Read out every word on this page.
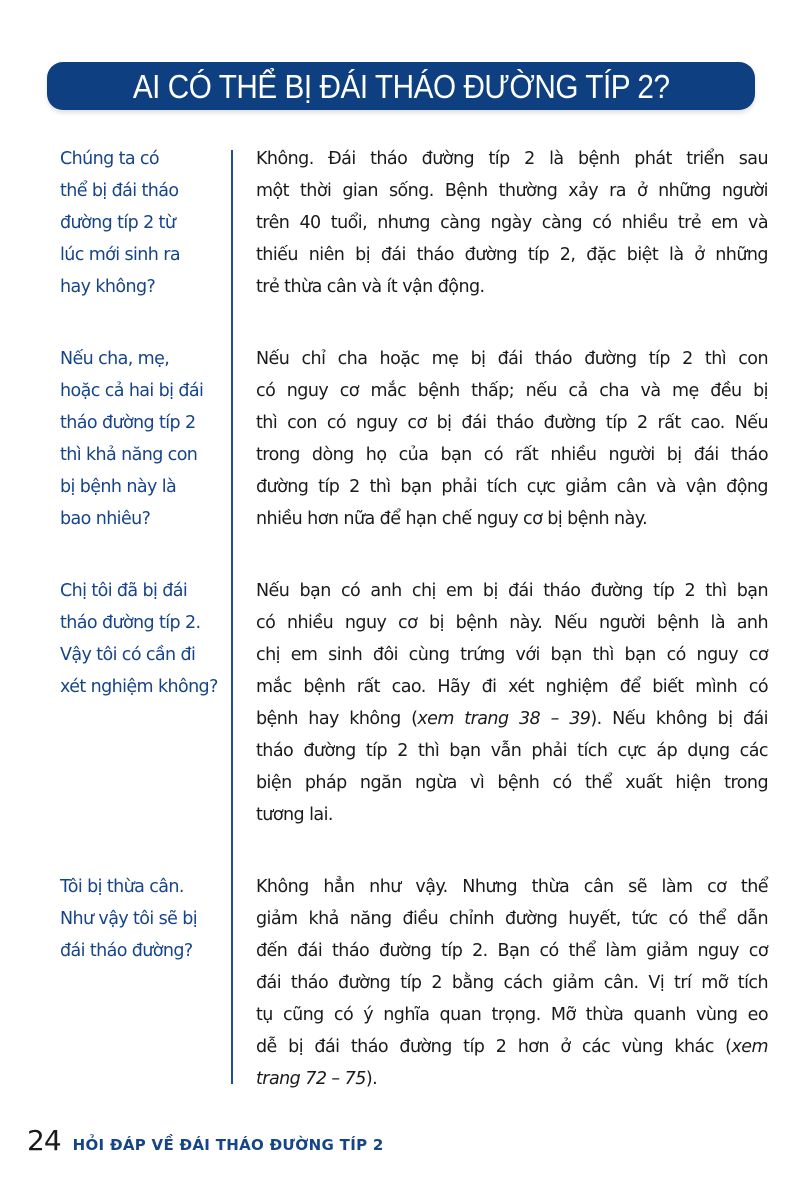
AI CÓ THỂ BỊ ĐÁI THÁO ĐƯỜNG TÍP 2?
Chúng ta có
thể bị đái tháo
đường típ 2 từ
lúc mới sinh ra
hay không?
Không. Đái tháo đường típ 2 là bệnh phát triển sau
một thời gian sống. Bệnh thường xảy ra ở những người
trên 40 tuổi, nhưng càng ngày càng có nhiều trẻ em và
thiếu niên bị đái tháo đường típ 2, đặc biệt là ở những
trẻ thừa cân và ít vận động.
Nếu cha, mẹ,
hoặc cả hai bị đái
tháo đường típ 2
thì khả năng con
bị bệnh này là
bao nhiêu?
Nếu chỉ cha hoặc mẹ bị đái tháo đường típ 2 thì con
có nguy cơ mắc bệnh thấp; nếu cả cha và mẹ đều bị
thì con có nguy cơ bị đái tháo đường típ 2 rất cao. Nếu
trong dòng họ của bạn có rất nhiều người bị đái tháo
đường típ 2 thì bạn phải tích cực giảm cân và vận động
nhiều hơn nữa để hạn chế nguy cơ bị bệnh này.
Chị tôi đã bị đái
tháo đường típ 2.
Vậy tôi có cần đi
xét nghiệm không?
Nếu bạn có anh chị em bị đái tháo đường típ 2 thì bạn
có nhiều nguy cơ bị bệnh này. Nếu người bệnh là anh
chị em sinh đôi cùng trứng với bạn thì bạn có nguy cơ
mắc bệnh rất cao. Hãy đi xét nghiệm để biết mình có
bệnh hay không (xem trang 38 – 39). Nếu không bị đái
tháo đường típ 2 thì bạn vẫn phải tích cực áp dụng các
biện pháp ngăn ngừa vì bệnh có thể xuất hiện trong
tương lai.
Tôi bị thừa cân.
Như vậy tôi sẽ bị
đái tháo đường?
Không hẳn như vậy. Nhưng thừa cân sẽ làm cơ thể
giảm khả năng điều chỉnh đường huyết, tức có thể dẫn
đến đái tháo đường típ 2. Bạn có thể làm giảm nguy cơ
đái tháo đường típ 2 bằng cách giảm cân. Vị trí mỡ tích
tụ cũng có ý nghĩa quan trọng. Mỡ thừa quanh vùng eo
dễ bị đái tháo đường típ 2 hơn ở các vùng khác (xem
trang 72 – 75).
24 HỎI ĐÁP VỀ ĐÁI THÁO ĐƯỜNG TÍP 2
